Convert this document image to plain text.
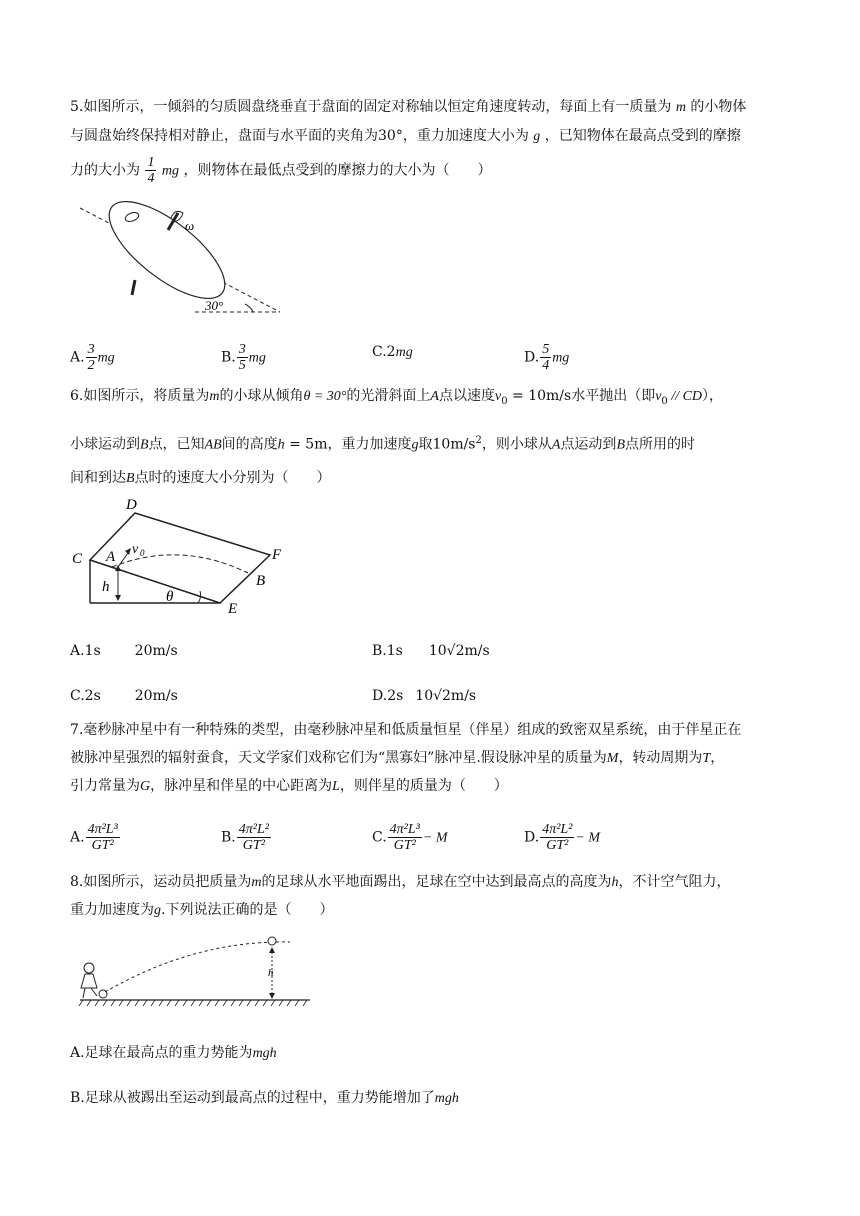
5.如图所示，一倾斜的匀质圆盘绕垂直于盘面的固定对称轴以恒定角速度转动，每面上有一质量为 m 的小物体
与圆盘始终保持相对静止，盘面与水平面的夹角为30°，重力加速度大小为 g ，已知物体在最高点受到的摩擦
力的大小为 $\frac{1}{4}$ mg ，则物体在最低点受到的摩擦力的大小为（　　）
ω
30°
A. $\frac{3}{2}$ mg	B. $\frac{3}{5}$ mg	C.2mg	D. $\frac{5}{4}$ mg
6.如图所示，将质量为m的小球从倾角θ = 30°的光滑斜面上A点以速度$v_0 = 10m/s$水平抛出（即$v_0 // CD$），
小球运动到B点，已知AB间的高度h = 5m，重力加速度g取$10m/s^2$，则小球从A点运动到B点所用的时
间和到达B点时的速度大小分别为（　　）
C
D
A v 0	F
B
h
θ
E
A.1s 20m/s	B.1s 10√2m/s
C.2s 20m/s	D.2s 10√2m/s
7.毫秒脉冲星中有一种特殊的类型，由毫秒脉冲星和低质量恒星（伴星）组成的致密双星系统，由于伴星正在
被脉冲星强烈的辐射蚕食，天文学家们戏称它们为“黑寡妇”脉冲星.假设脉冲星的质量为M，转动周期为T，
引力常量为G，脉冲星和伴星的中心距离为L，则伴星的质量为（　　）
A. $\frac{\text{4π²L³}}{\text{GT²}}$	B. $\frac{\text{4π²L²}}{\text{GT²}}$	C. $\frac{\text{4π²L³}}{\text{GT²}} - M$	D. $\frac{\text{4π²L²}}{\text{GT²}} - M$
8.如图所示，运动员把质量为m的足球从水平地面踢出，足球在空中达到最高点的高度为h，不计空气阻力，
重力加速度为g.下列说法正确的是（　　）
h
A.足球在最高点的重力势能为mgh
B.足球从被踢出至运动到最高点的过程中，重力势能增加了mgh
